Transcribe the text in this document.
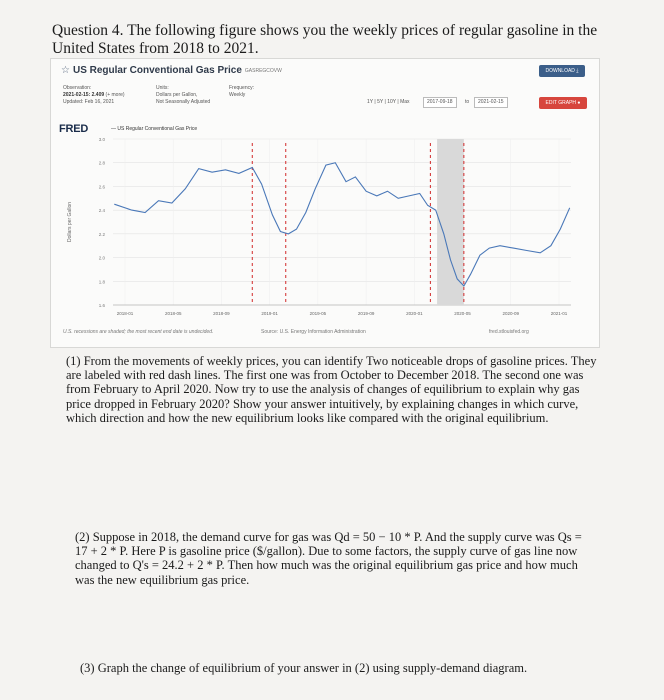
Question 4. The following figure shows you the weekly prices of regular gasoline in the United States from 2018 to 2021.
☆ US Regular Conventional Gas Price GASREGCOVW	DOWNLOAD ⤓
Observation:
2021-02-15: 2.409 (+ more)
Updated: Feb 16, 2021
Units:
Dollars per Gallon,
Not Seasonally Adjusted
Frequency:
Weekly
1Y | 5Y | 10Y | Max	2017-09-18	to	2021-02-15	EDIT GRAPH ●
FRED	— US Regular Conventional Gas Price
3.0
2.8
2.6
2.4
2.2
2.0
1.8
1.6
2018-01	2018-05	2018-09	2019-01	2019-05	2019-09	2020-01	2020-05	2020-09	2021-01
Dollars per Gallon
U.S. recessions are shaded; the most recent end date is undecided.	Source: U.S. Energy Information Administration	fred.stlouisfed.org
(1) From the movements of weekly prices, you can identify Two noticeable drops of gasoline prices. They are labeled with red dash lines. The first one was from October to December 2018. The second one was from February to April 2020. Now try to use the analysis of changes of equilibrium to explain why gas price dropped in February 2020? Show your answer intuitively, by explaining changes in which curve, which direction and how the new equilibrium looks like compared with the original equilibrium.
(2) Suppose in 2018, the demand curve for gas was Qd = 50 − 10 * P. And the supply curve was Qs = 17 + 2 * P. Here P is gasoline price ($/gallon). Due to some factors, the supply curve of gas line now changed to Q's = 24.2 + 2 * P. Then how much was the original equilibrium gas price and how much was the new equilibrium gas price.
(3) Graph the change of equilibrium of your answer in (2) using supply-demand diagram.
